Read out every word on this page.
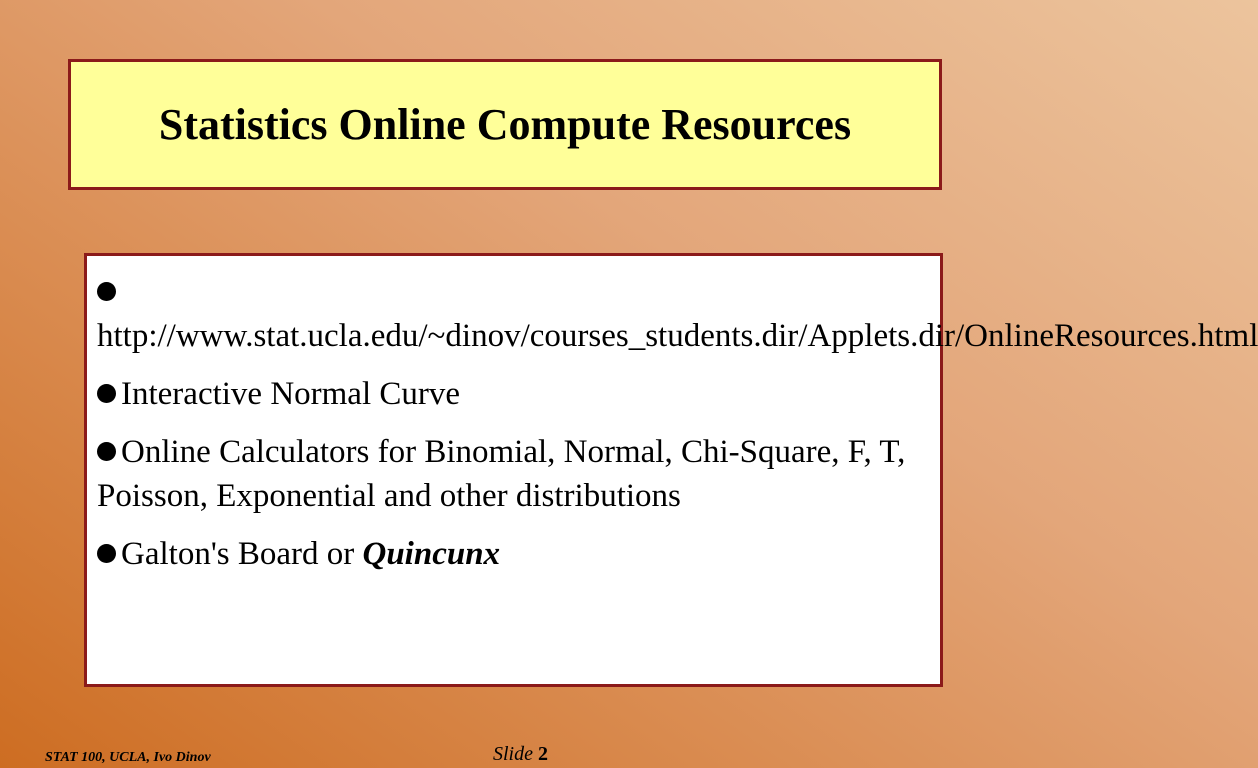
Statistics Online Compute Resources
http://www.stat.ucla.edu/~dinov/courses_students.dir/Applets.dir/OnlineResources.html
Interactive Normal Curve
Online Calculators for Binomial, Normal, Chi-Square, F, T, Poisson, Exponential and other distributions
Galton's Board or Quincunx
STAT 100, UCLA, Ivo Dinov	Slide 2
